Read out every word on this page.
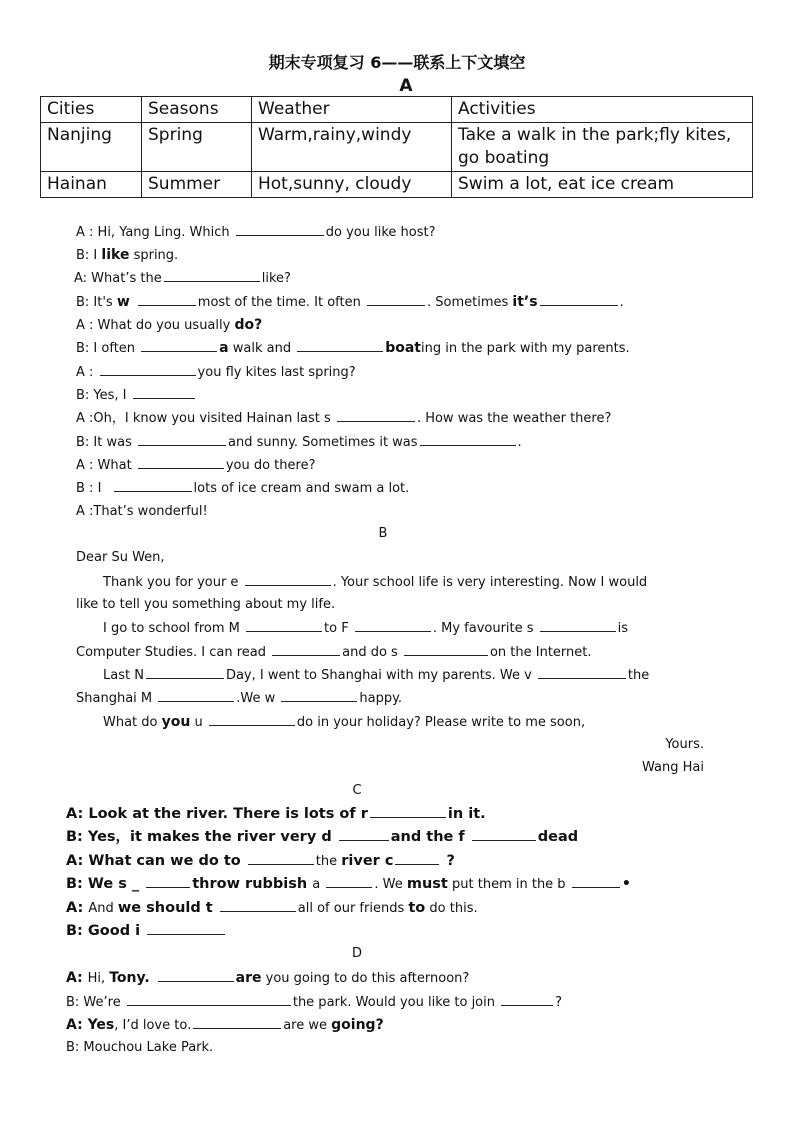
期末专项复习 6——联系上下文填空
A
Cities	Seasons	Weather	Activities
Nanjing	Spring	Warm,rainy,windy	Take a walk in the park;fly kites, go boating
Hainan	Summer	Hot,sunny, cloudy	Swim a lot, eat ice cream
A : Hi, Yang Ling. Which	do you like host?
B: I like spring.
A: What’s the	like?
B: It's w	most of the time. It often	. Sometimes it’s	.
A : What do you usually do?
B: I often	a walk and	boating in the park with my parents.
A :	you fly kites last spring?
B: Yes, I
A :Oh，I know you visited Hainan last s	. How was the weather there?
B: It was	and sunny. Sometimes it was	.
A : What	you do there?
B : I	lots of ice cream and swam a lot.
A :That’s wonderful!
B
Dear Su Wen,
Thank you for your e	. Your school life is very interesting. Now I would
like to tell you something about my life.
I go to school from M	to F	. My favourite s	is
Computer Studies. I can read	and do s	on the Internet.
Last N	Day, I went to Shanghai with my parents. We v	the
Shanghai M	.We w	happy.
What do you u	do in your holiday? Please write to me soon,
Yours.
Wang Hai
C
A: Look at the river. There is lots of r	in it.
B: Yes，it makes the river very d	and the f	dead
A: What can we do to	the river c	?
B: We s _	throw rubbish a	. We must put them in the b	•
A: And we should t	all of our friends to do this.
B: Good i
D
A: Hi, Tony.	are you going to do this afternoon?
B: We’re	the park. Would you like to join	?
A: Yes, I’d love to.	are we going?
B: Mouchou Lake Park.
